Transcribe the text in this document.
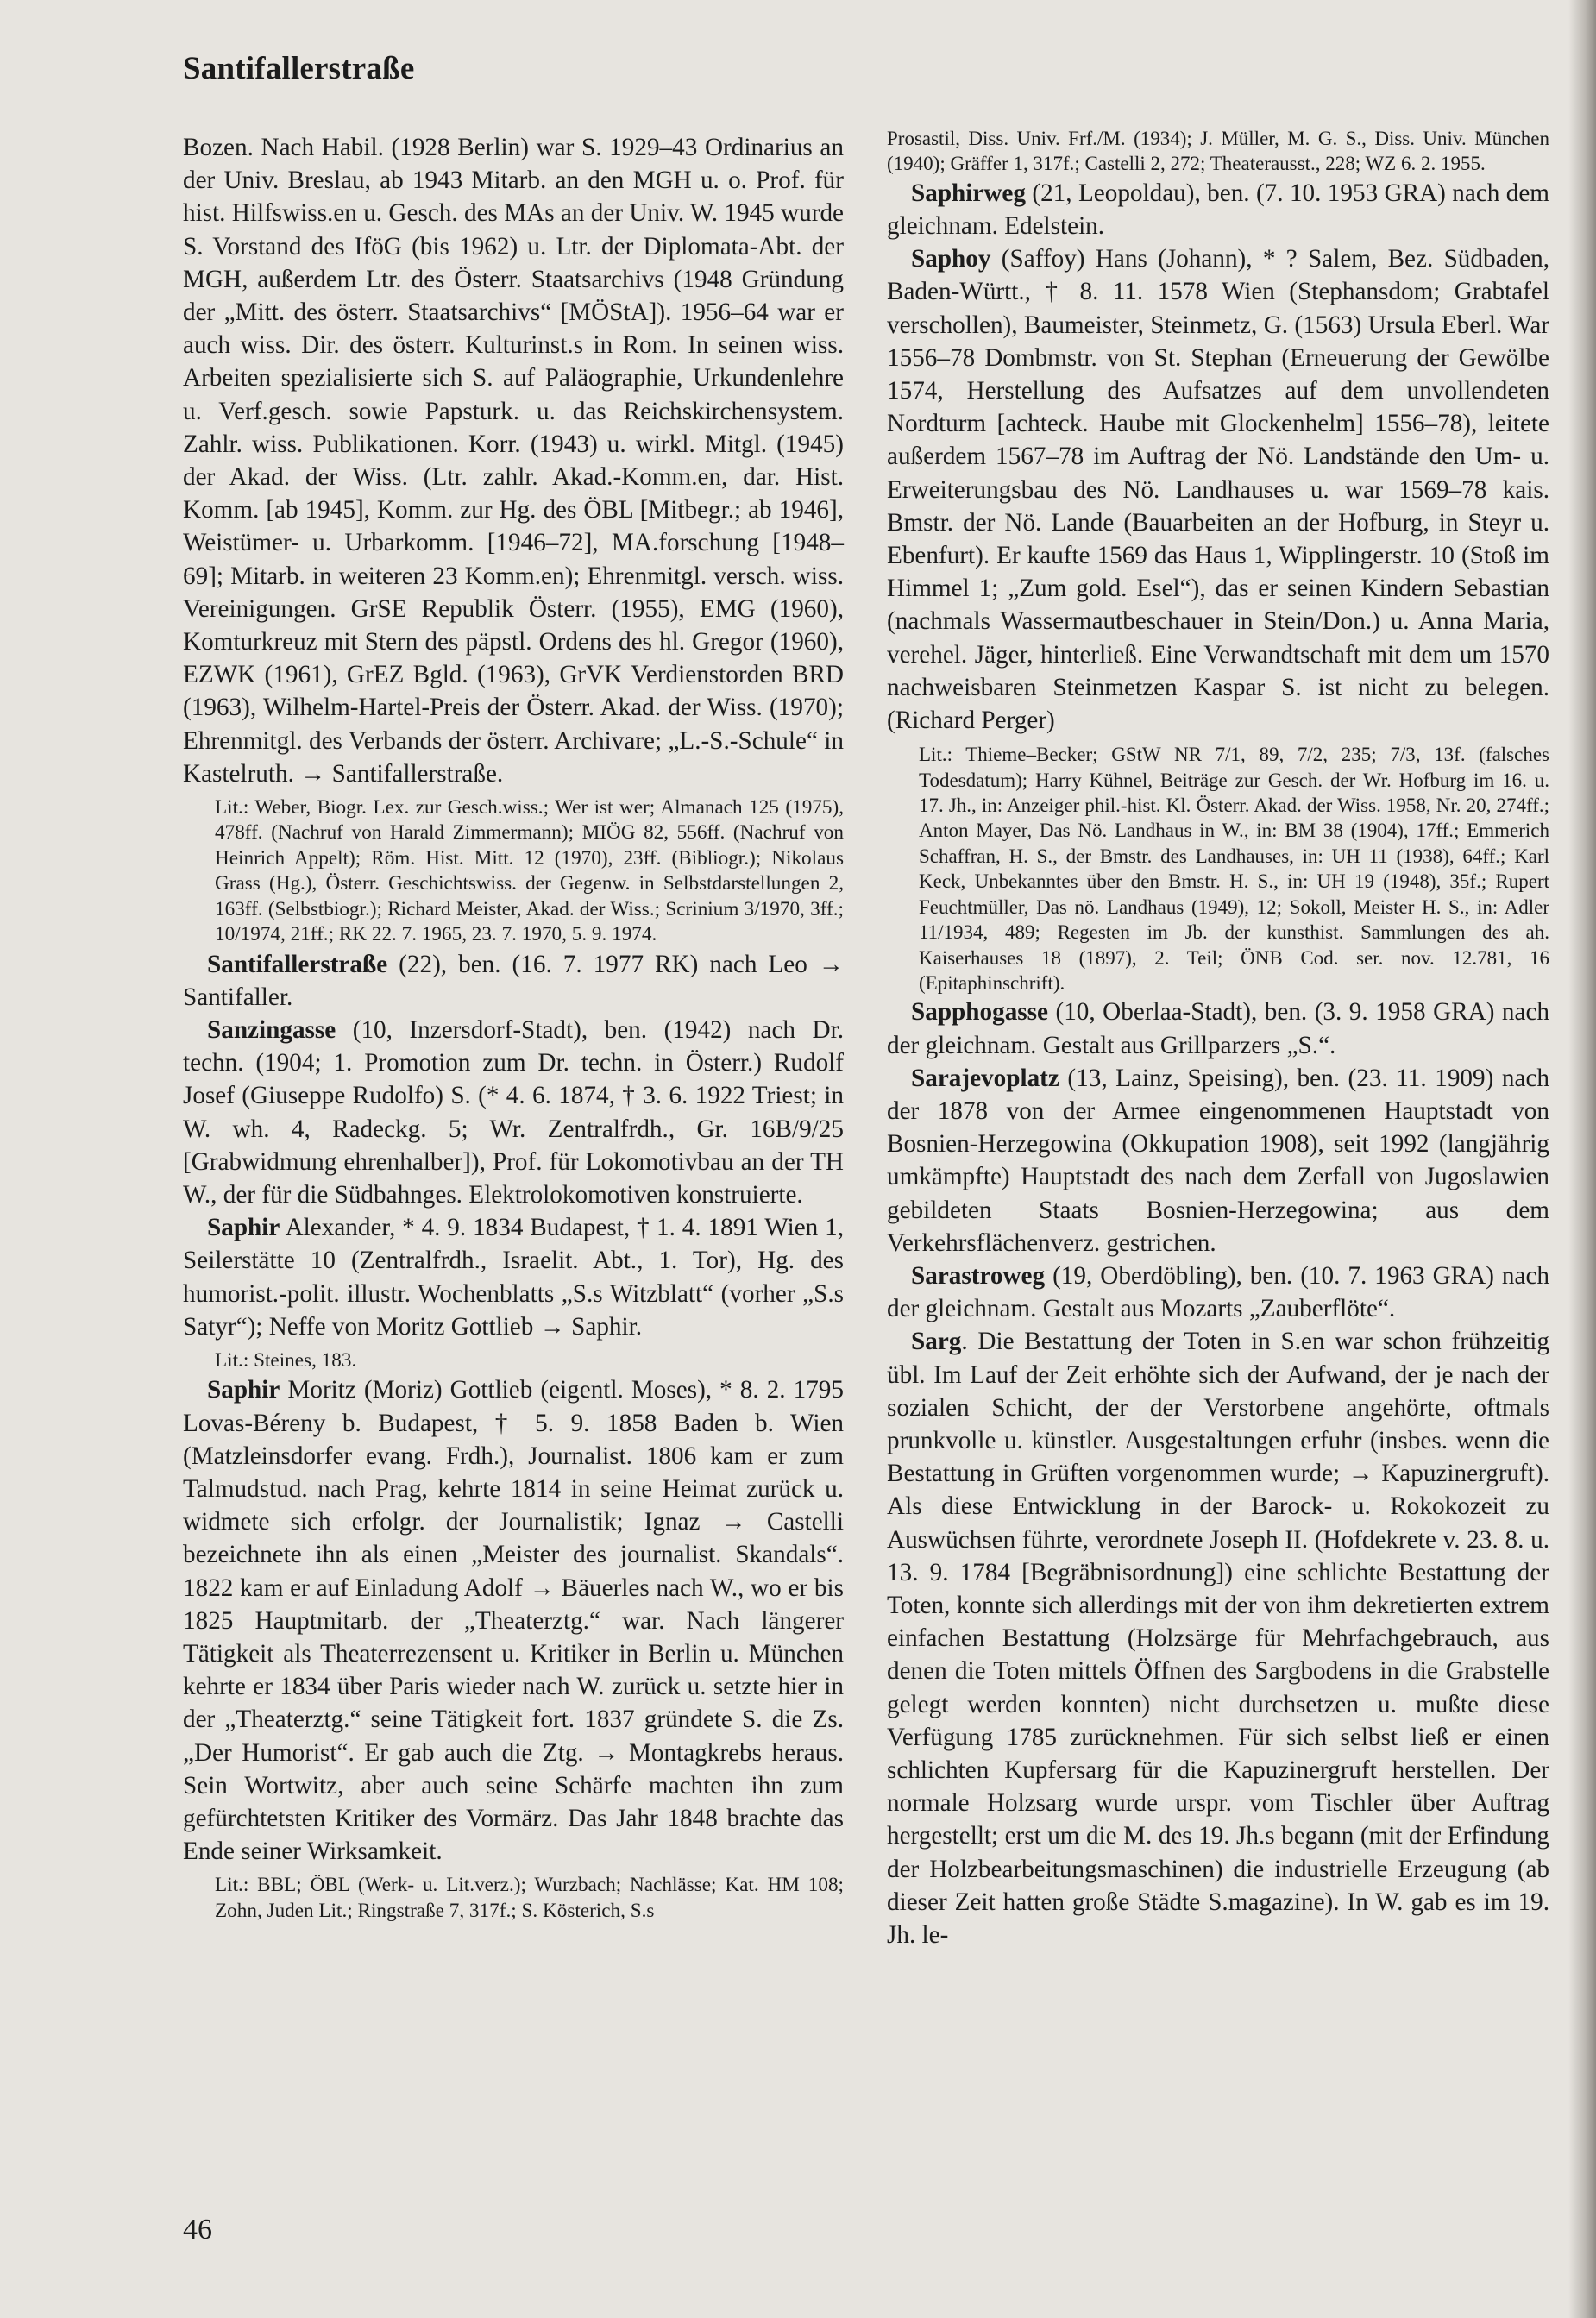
Santifallerstraße

Bozen. Nach Habil. (1928 Berlin) war S. 1929–43 Ordinarius an der Univ. Breslau, ab 1943 Mitarb. an den MGH u. o. Prof. für hist. Hilfswiss.en u. Gesch. des MAs an der Univ. W. 1945 wurde S. Vorstand des IföG (bis 1962) u. Ltr. der Diplomata-Abt. der MGH, außerdem Ltr. des Österr. Staatsarchivs (1948 Gründung der „Mitt. des österr. Staatsarchivs“ [MÖStA]). 1956–64 war er auch wiss. Dir. des österr. Kulturinst.s in Rom. In seinen wiss. Arbeiten spezialisierte sich S. auf Paläographie, Urkundenlehre u. Verf.gesch. sowie Papsturk. u. das Reichskirchensystem. Zahlr. wiss. Publikationen. Korr. (1943) u. wirkl. Mitgl. (1945) der Akad. der Wiss. (Ltr. zahlr. Akad.-Komm.en, dar. Hist. Komm. [ab 1945], Komm. zur Hg. des ÖBL [Mitbegr.; ab 1946], Weistümer- u. Urbarkomm. [1946–72], MA.forschung [1948–69]; Mitarb. in weiteren 23 Komm.en); Ehrenmitgl. versch. wiss. Vereinigungen. GrSE Republik Österr. (1955), EMG (1960), Komturkreuz mit Stern des päpstl. Ordens des hl. Gregor (1960), EZWK (1961), GrEZ Bgld. (1963), GrVK Verdienstorden BRD (1963), Wilhelm-Hartel-Preis der Österr. Akad. der Wiss. (1970); Ehrenmitgl. des Verbands der österr. Archivare; „L.-S.-Schule“ in Kastelruth. → Santifallerstraße.

Lit.: Weber, Biogr. Lex. zur Gesch.wiss.; Wer ist wer; Almanach 125 (1975), 478ff. (Nachruf von Harald Zimmermann); MIÖG 82, 556ff. (Nachruf von Heinrich Appelt); Röm. Hist. Mitt. 12 (1970), 23ff. (Bibliogr.); Nikolaus Grass (Hg.), Österr. Geschichtswiss. der Gegenw. in Selbstdarstellungen 2, 163ff. (Selbstbiogr.); Richard Meister, Akad. der Wiss.; Scrinium 3/1970, 3ff.; 10/1974, 21ff.; RK 22. 7. 1965, 23. 7. 1970, 5. 9. 1974.

Santifallerstraße (22), ben. (16. 7. 1977 RK) nach Leo → Santifaller.

Sanzingasse (10, Inzersdorf-Stadt), ben. (1942) nach Dr. techn. (1904; 1. Promotion zum Dr. techn. in Österr.) Rudolf Josef (Giuseppe Rudolfo) S. (* 4. 6. 1874, † 3. 6. 1922 Triest; in W. wh. 4, Radeckg. 5; Wr. Zentralfrdh., Gr. 16B/9/25 [Grabwidmung ehrenhalber]), Prof. für Lokomotivbau an der TH W., der für die Südbahnges. Elektrolokomotiven konstruierte.

Saphir Alexander, * 4. 9. 1834 Budapest, † 1. 4. 1891 Wien 1, Seilerstätte 10 (Zentralfrdh., Israelit. Abt., 1. Tor), Hg. des humorist.-polit. illustr. Wochenblatts „S.s Witzblatt“ (vorher „S.s Satyr“); Neffe von Moritz Gottlieb → Saphir.

Lit.: Steines, 183.

Saphir Moritz (Moriz) Gottlieb (eigentl. Moses), * 8. 2. 1795 Lovas-Béreny b. Budapest, † 5. 9. 1858 Baden b. Wien (Matzleinsdorfer evang. Frdh.), Journalist. 1806 kam er zum Talmudstud. nach Prag, kehrte 1814 in seine Heimat zurück u. widmete sich erfolgr. der Journalistik; Ignaz → Castelli bezeichnete ihn als einen „Meister des journalist. Skandals“. 1822 kam er auf Einladung Adolf → Bäuerles nach W., wo er bis 1825 Hauptmitarb. der „Theaterztg.“ war. Nach längerer Tätigkeit als Theaterrezensent u. Kritiker in Berlin u. München kehrte er 1834 über Paris wieder nach W. zurück u. setzte hier in der „Theaterztg.“ seine Tätigkeit fort. 1837 gründete S. die Zs. „Der Humorist“. Er gab auch die Ztg. → Montagkrebs heraus. Sein Wortwitz, aber auch seine Schärfe machten ihn zum gefürchtetsten Kritiker des Vormärz. Das Jahr 1848 brachte das Ende seiner Wirksamkeit.

Lit.: BBL; ÖBL (Werk- u. Lit.verz.); Wurzbach; Nachlässe; Kat. HM 108; Zohn, Juden Lit.; Ringstraße 7, 317f.; S. Kösterich, S.s

Prosastil, Diss. Univ. Frf./M. (1934); J. Müller, M. G. S., Diss. Univ. München (1940); Gräffer 1, 317f.; Castelli 2, 272; Theaterausst., 228; WZ 6. 2. 1955.

Saphirweg (21, Leopoldau), ben. (7. 10. 1953 GRA) nach dem gleichnam. Edelstein.

Saphoy (Saffoy) Hans (Johann), * ? Salem, Bez. Südbaden, Baden-Württ., † 8. 11. 1578 Wien (Stephansdom; Grabtafel verschollen), Baumeister, Steinmetz, G. (1563) Ursula Eberl. War 1556–78 Dombmstr. von St. Stephan (Erneuerung der Gewölbe 1574, Herstellung des Aufsatzes auf dem unvollendeten Nordturm [achteck. Haube mit Glockenhelm] 1556–78), leitete außerdem 1567–78 im Auftrag der Nö. Landstände den Um- u. Erweiterungsbau des Nö. Landhauses u. war 1569–78 kais. Bmstr. der Nö. Lande (Bauarbeiten an der Hofburg, in Steyr u. Ebenfurt). Er kaufte 1569 das Haus 1, Wipplingerstr. 10 (Stoß im Himmel 1; „Zum gold. Esel“), das er seinen Kindern Sebastian (nachmals Wassermautbeschauer in Stein/Don.) u. Anna Maria, verehel. Jäger, hinterließ. Eine Verwandtschaft mit dem um 1570 nachweisbaren Steinmetzen Kaspar S. ist nicht zu belegen. (Richard Perger)

Lit.: Thieme–Becker; GStW NR 7/1, 89, 7/2, 235; 7/3, 13f. (falsches Todesdatum); Harry Kühnel, Beiträge zur Gesch. der Wr. Hofburg im 16. u. 17. Jh., in: Anzeiger phil.-hist. Kl. Österr. Akad. der Wiss. 1958, Nr. 20, 274ff.; Anton Mayer, Das Nö. Landhaus in W., in: BM 38 (1904), 17ff.; Emmerich Schaffran, H. S., der Bmstr. des Landhauses, in: UH 11 (1938), 64ff.; Karl Keck, Unbekanntes über den Bmstr. H. S., in: UH 19 (1948), 35f.; Rupert Feuchtmüller, Das nö. Landhaus (1949), 12; Sokoll, Meister H. S., in: Adler 11/1934, 489; Regesten im Jb. der kunsthist. Sammlungen des ah. Kaiserhauses 18 (1897), 2. Teil; ÖNB Cod. ser. nov. 12.781, 16 (Epitaphinschrift).

Sapphogasse (10, Oberlaa-Stadt), ben. (3. 9. 1958 GRA) nach der gleichnam. Gestalt aus Grillparzers „S.“.

Sarajevoplatz (13, Lainz, Speising), ben. (23. 11. 1909) nach der 1878 von der Armee eingenommenen Hauptstadt von Bosnien-Herzegowina (Okkupation 1908), seit 1992 (langjährig umkämpfte) Hauptstadt des nach dem Zerfall von Jugoslawien gebildeten Staats Bosnien-Herzegowina; aus dem Verkehrsflächenverz. gestrichen.

Sarastroweg (19, Oberdöbling), ben. (10. 7. 1963 GRA) nach der gleichnam. Gestalt aus Mozarts „Zauberflöte“.

Sarg. Die Bestattung der Toten in S.en war schon frühzeitig übl. Im Lauf der Zeit erhöhte sich der Aufwand, der je nach der sozialen Schicht, der der Verstorbene angehörte, oftmals prunkvolle u. künstler. Ausgestaltungen erfuhr (insbes. wenn die Bestattung in Grüften vorgenommen wurde; → Kapuzinergruft). Als diese Entwicklung in der Barock- u. Rokokozeit zu Auswüchsen führte, verordnete Joseph II. (Hofdekrete v. 23. 8. u. 13. 9. 1784 [Begräbnisordnung]) eine schlichte Bestattung der Toten, konnte sich allerdings mit der von ihm dekretierten extrem einfachen Bestattung (Holzsärge für Mehrfachgebrauch, aus denen die Toten mittels Öffnen des Sargbodens in die Grabstelle gelegt werden konnten) nicht durchsetzen u. mußte diese Verfügung 1785 zurücknehmen. Für sich selbst ließ er einen schlichten Kupfersarg für die Kapuzinergruft herstellen. Der normale Holzsarg wurde urspr. vom Tischler über Auftrag hergestellt; erst um die M. des 19. Jh.s begann (mit der Erfindung der Holzbearbeitungsmaschinen) die industrielle Erzeugung (ab dieser Zeit hatten große Städte S.magazine). In W. gab es im 19. Jh. le-

46
